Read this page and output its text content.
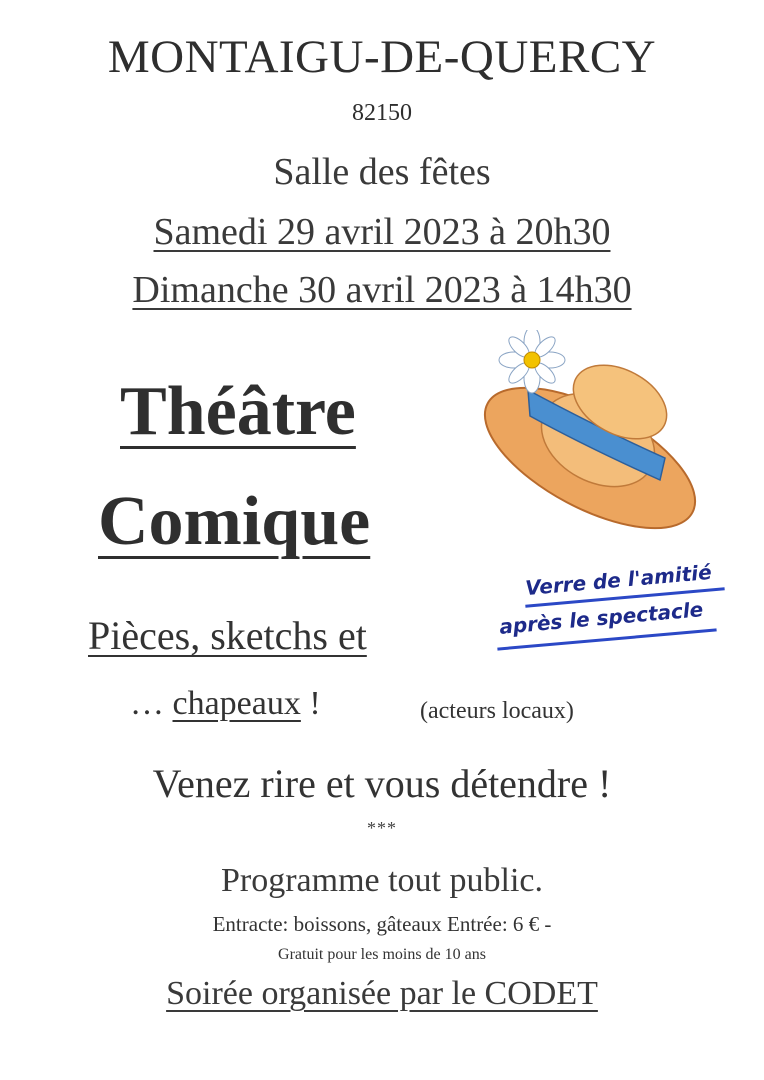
MONTAIGU-DE-QUERCY
82150
Salle des fêtes
Samedi 29 avril 2023 à 20h30
Dimanche 30 avril 2023 à 14h30
Théâtre
Comique
Verre de l'amitié
après le spectacle
Pièces, sketchs et
… chapeaux !	(acteurs locaux)
Venez rire et vous détendre !
***
Programme tout public.
Entracte: boissons, gâteaux Entrée: 6 € -
Gratuit pour les moins de 10 ans
Soirée organisée par le CODET
